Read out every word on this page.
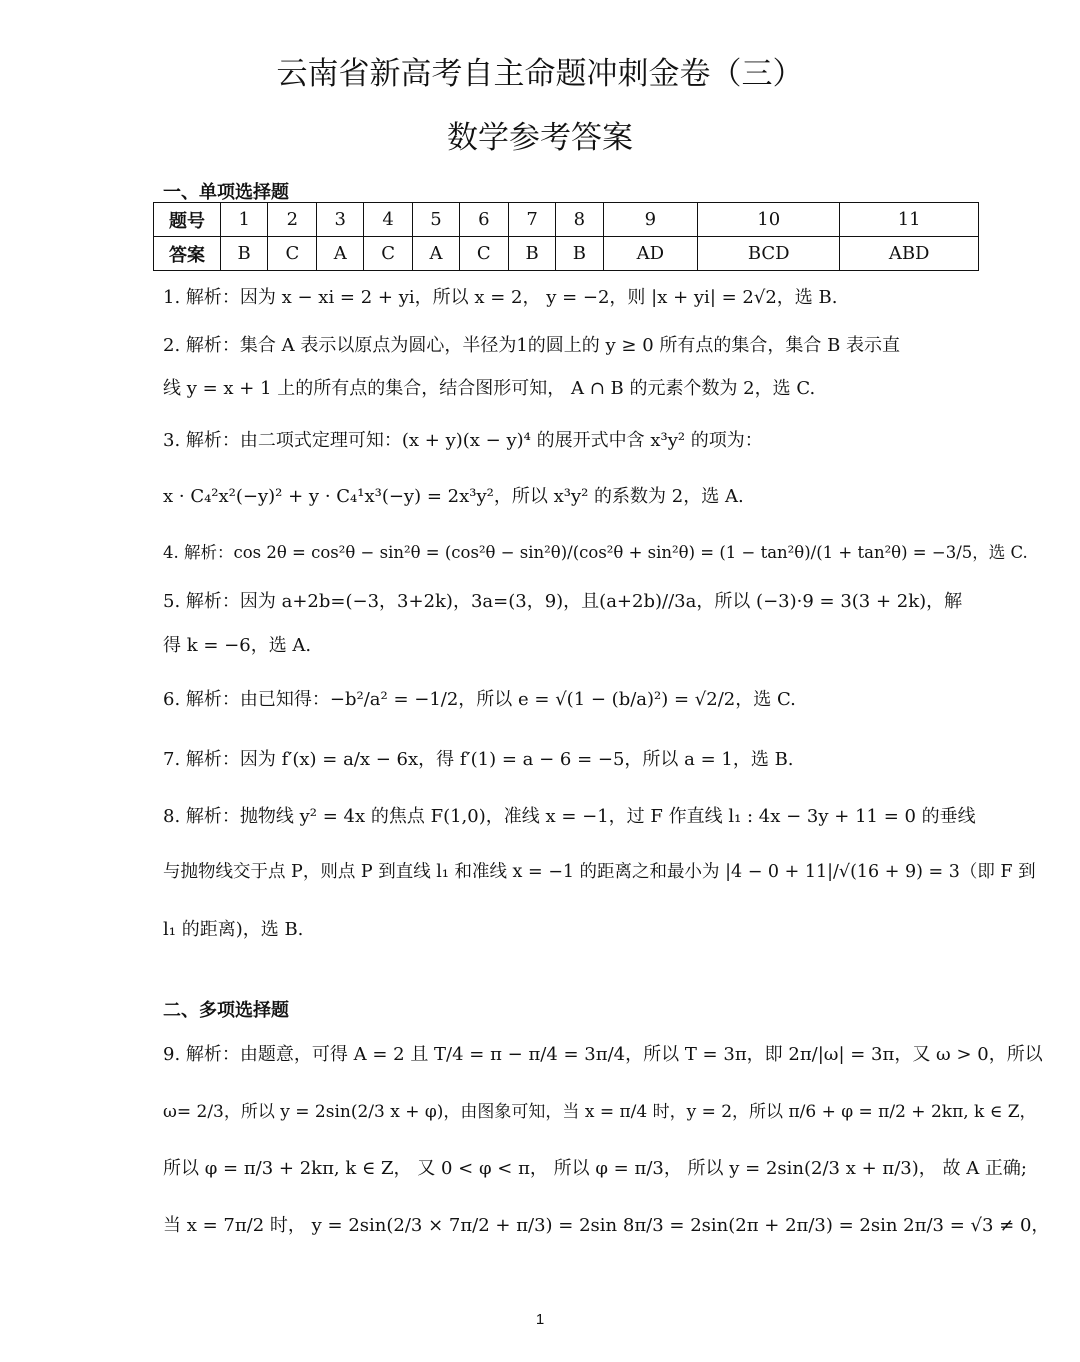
云南省新高考自主命题冲刺金卷（三）
数学参考答案
一、单项选择题
题号	1	2	3	4	5	6	7	8	9	10	11
答案	B	C	A	C	A	C	B	B	AD	BCD	ABD
1. 解析：因为 x − xi = 2 + yi，所以 x = 2， y = −2，则 |x + yi| = 2√2，选 B.
2. 解析：集合 A 表示以原点为圆心，半径为1的圆上的 y ≥ 0 所有点的集合，集合 B 表示直
线 y = x + 1 上的所有点的集合，结合图形可知， A ∩ B 的元素个数为 2，选 C.
3. 解析：由二项式定理可知：(x + y)(x − y)⁴ 的展开式中含 x³y² 的项为：
x · C₄²x²(−y)² + y · C₄¹x³(−y) = 2x³y²，所以 x³y² 的系数为 2，选 A.
4. 解析：cos 2θ = cos²θ − sin²θ = (cos²θ − sin²θ)/(cos²θ + sin²θ) = (1 − tan²θ)/(1 + tan²θ) = −3/5，选 C.
5. 解析：因为 a+2b=(−3，3+2k)，3a=(3，9)，且(a+2b)//3a，所以 (−3)·9 = 3(3 + 2k)，解
得 k = −6，选 A.
6. 解析：由已知得：−b²/a² = −1/2，所以 e = √(1 − (b/a)²) = √2/2，选 C.
7. 解析：因为 f′(x) = a/x − 6x，得 f′(1) = a − 6 = −5，所以 a = 1，选 B.
8. 解析：抛物线 y² = 4x 的焦点 F(1,0)，准线 x = −1，过 F 作直线 l₁ : 4x − 3y + 11 = 0 的垂线
与抛物线交于点 P，则点 P 到直线 l₁ 和准线 x = −1 的距离之和最小为 |4 − 0 + 11|/√(16 + 9) = 3（即 F 到
l₁ 的距离)，选 B.
二、多项选择题
9. 解析：由题意，可得 A = 2 且 T/4 = π − π/4 = 3π/4，所以 T = 3π，即 2π/|ω| = 3π，又 ω > 0，所以
ω= 2/3，所以 y = 2sin(2/3 x + φ)，由图象可知，当 x = π/4 时，y = 2，所以 π/6 + φ = π/2 + 2kπ, k ∈ Z，
所以 φ = π/3 + 2kπ, k ∈ Z， 又 0 < φ < π， 所以 φ = π/3， 所以 y = 2sin(2/3 x + π/3)， 故 A 正确;
当 x = 7π/2 时， y = 2sin(2/3 × 7π/2 + π/3) = 2sin 8π/3 = 2sin(2π + 2π/3) = 2sin 2π/3 = √3 ≠ 0，
1
